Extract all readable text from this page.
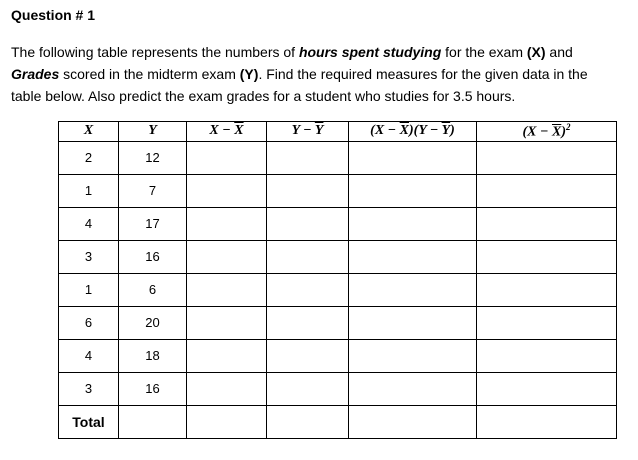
Question # 1
The following table represents the numbers of hours spent studying for the exam (X) and
Grades scored in the midterm exam (Y). Find the required measures for the given data in the
table below. Also predict the exam grades for a student who studies for 3.5 hours.
X	Y	$X - \overline{X}$	$Y - \overline{Y}$	$(X - \overline{X})(Y - \overline{Y})$	$(X - \overline{X})^2$
2	12				
1	7				
4	17				
3	16				
1	6				
6	20				
4	18				
3	16				
Total					
